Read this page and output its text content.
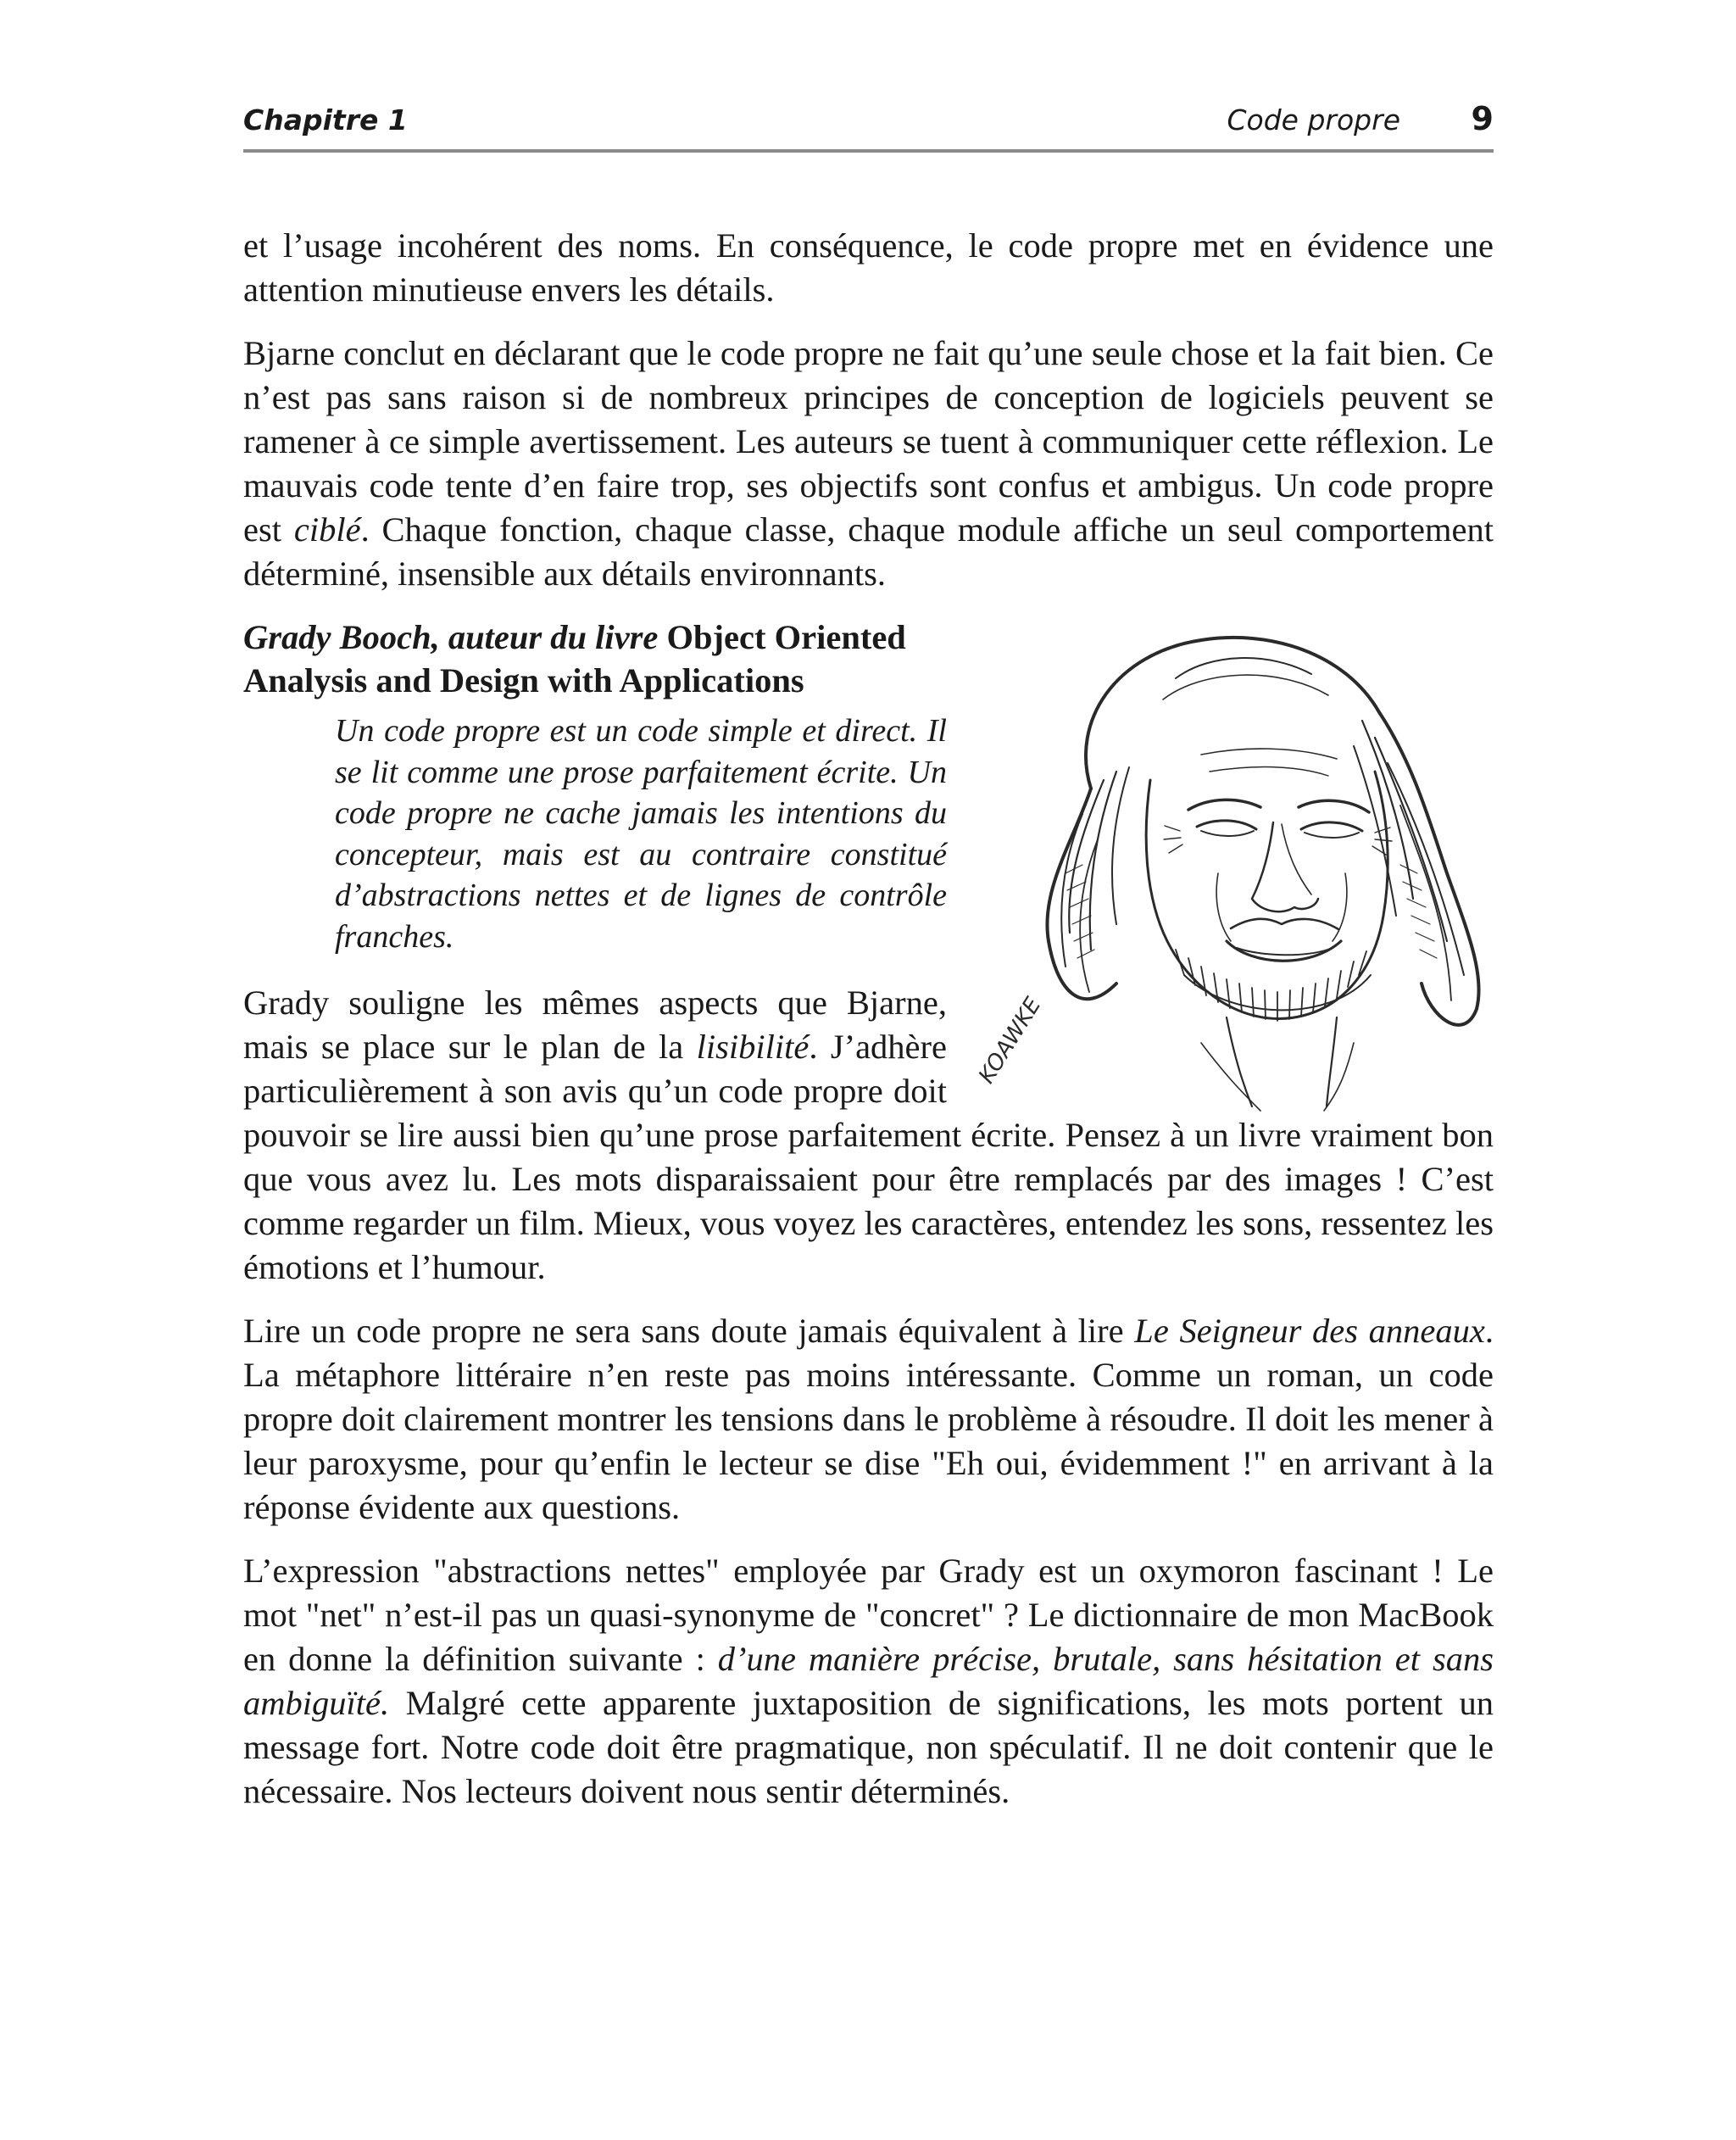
Chapitre 1	Code propre 9

et l’usage incohérent des noms. En conséquence, le code propre met en évidence une attention minutieuse envers les détails.

Bjarne conclut en déclarant que le code propre ne fait qu’une seule chose et la fait bien. Ce n’est pas sans raison si de nombreux principes de conception de logiciels peuvent se ramener à ce simple avertissement. Les auteurs se tuent à communiquer cette réflexion. Le mauvais code tente d’en faire trop, ses objectifs sont confus et ambigus. Un code propre est ciblé. Chaque fonction, chaque classe, chaque module affiche un seul comportement déterminé, insensible aux détails environnants.

KOAWKE
Grady Booch, auteur du livre Object Oriented Analysis and Design with Applications
Un code propre est un code simple et direct. Il se lit comme une prose parfaitement écrite. Un code propre ne cache jamais les intentions du concepteur, mais est au contraire constitué d’abstractions nettes et de lignes de contrôle franches.

Grady souligne les mêmes aspects que Bjarne, mais se place sur le plan de la lisibilité. J’adhère particulièrement à son avis qu’un code propre doit pouvoir se lire aussi bien qu’une prose parfaitement écrite. Pensez à un livre vraiment bon que vous avez lu. Les mots disparaissaient pour être remplacés par des images ! C’est comme regarder un film. Mieux, vous voyez les caractères, entendez les sons, ressentez les émotions et l’humour.

Lire un code propre ne sera sans doute jamais équivalent à lire Le Seigneur des anneaux. La métaphore littéraire n’en reste pas moins intéressante. Comme un roman, un code propre doit clairement montrer les tensions dans le problème à résoudre. Il doit les mener à leur paroxysme, pour qu’enfin le lecteur se dise "Eh oui, évidemment !" en arrivant à la réponse évidente aux questions.

L’expression "abstractions nettes" employée par Grady est un oxymoron fascinant ! Le mot "net" n’est-il pas un quasi-synonyme de "concret" ? Le dictionnaire de mon MacBook en donne la définition suivante : d’une manière précise, brutale, sans hésitation et sans ambiguïté. Malgré cette apparente juxtaposition de significations, les mots portent un message fort. Notre code doit être pragmatique, non spéculatif. Il ne doit contenir que le nécessaire. Nos lecteurs doivent nous sentir déterminés.
